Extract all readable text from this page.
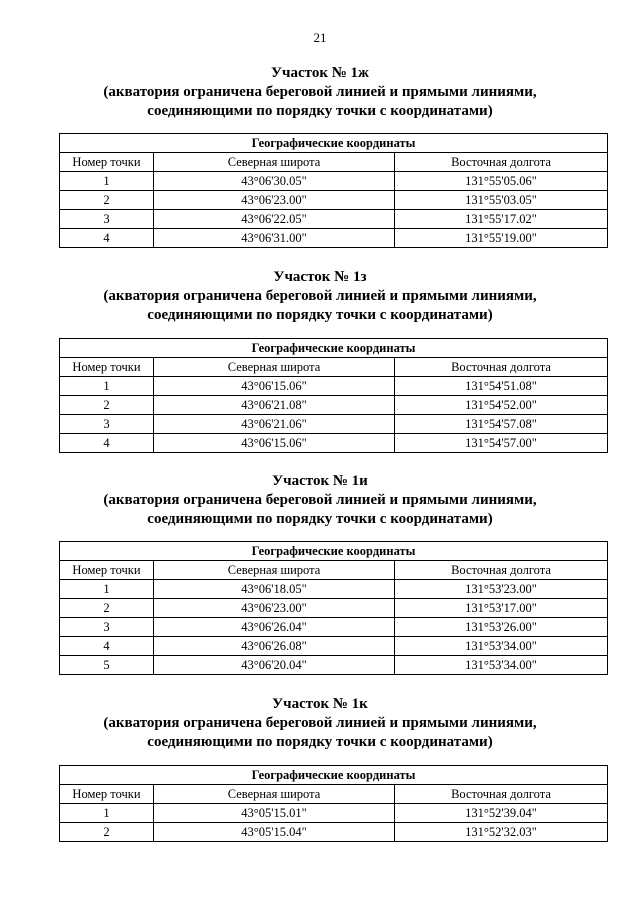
21
Участок № 1ж
(акватория ограничена береговой линией и прямыми линиями,
соединяющими по порядку точки с координатами)
Географические координаты		
Номер точки	Северная широта	Восточная долгота
1	43°06'30.05"	131°55'05.06"
2	43°06'23.00"	131°55'03.05"
3	43°06'22.05"	131°55'17.02"
4	43°06'31.00"	131°55'19.00"
Участок № 1з
(акватория ограничена береговой линией и прямыми линиями,
соединяющими по порядку точки с координатами)
Географические координаты		
Номер точки	Северная широта	Восточная долгота
1	43°06'15.06"	131°54'51.08"
2	43°06'21.08"	131°54'52.00"
3	43°06'21.06"	131°54'57.08"
4	43°06'15.06"	131°54'57.00"
Участок № 1и
(акватория ограничена береговой линией и прямыми линиями,
соединяющими по порядку точки с координатами)
Географические координаты		
Номер точки	Северная широта	Восточная долгота
1	43°06'18.05"	131°53'23.00"
2	43°06'23.00"	131°53'17.00"
3	43°06'26.04"	131°53'26.00"
4	43°06'26.08"	131°53'34.00"
5	43°06'20.04"	131°53'34.00"
Участок № 1к
(акватория ограничена береговой линией и прямыми линиями,
соединяющими по порядку точки с координатами)
Географические координаты		
Номер точки	Северная широта	Восточная долгота
1	43°05'15.01"	131°52'39.04"
2	43°05'15.04"	131°52'32.03"
